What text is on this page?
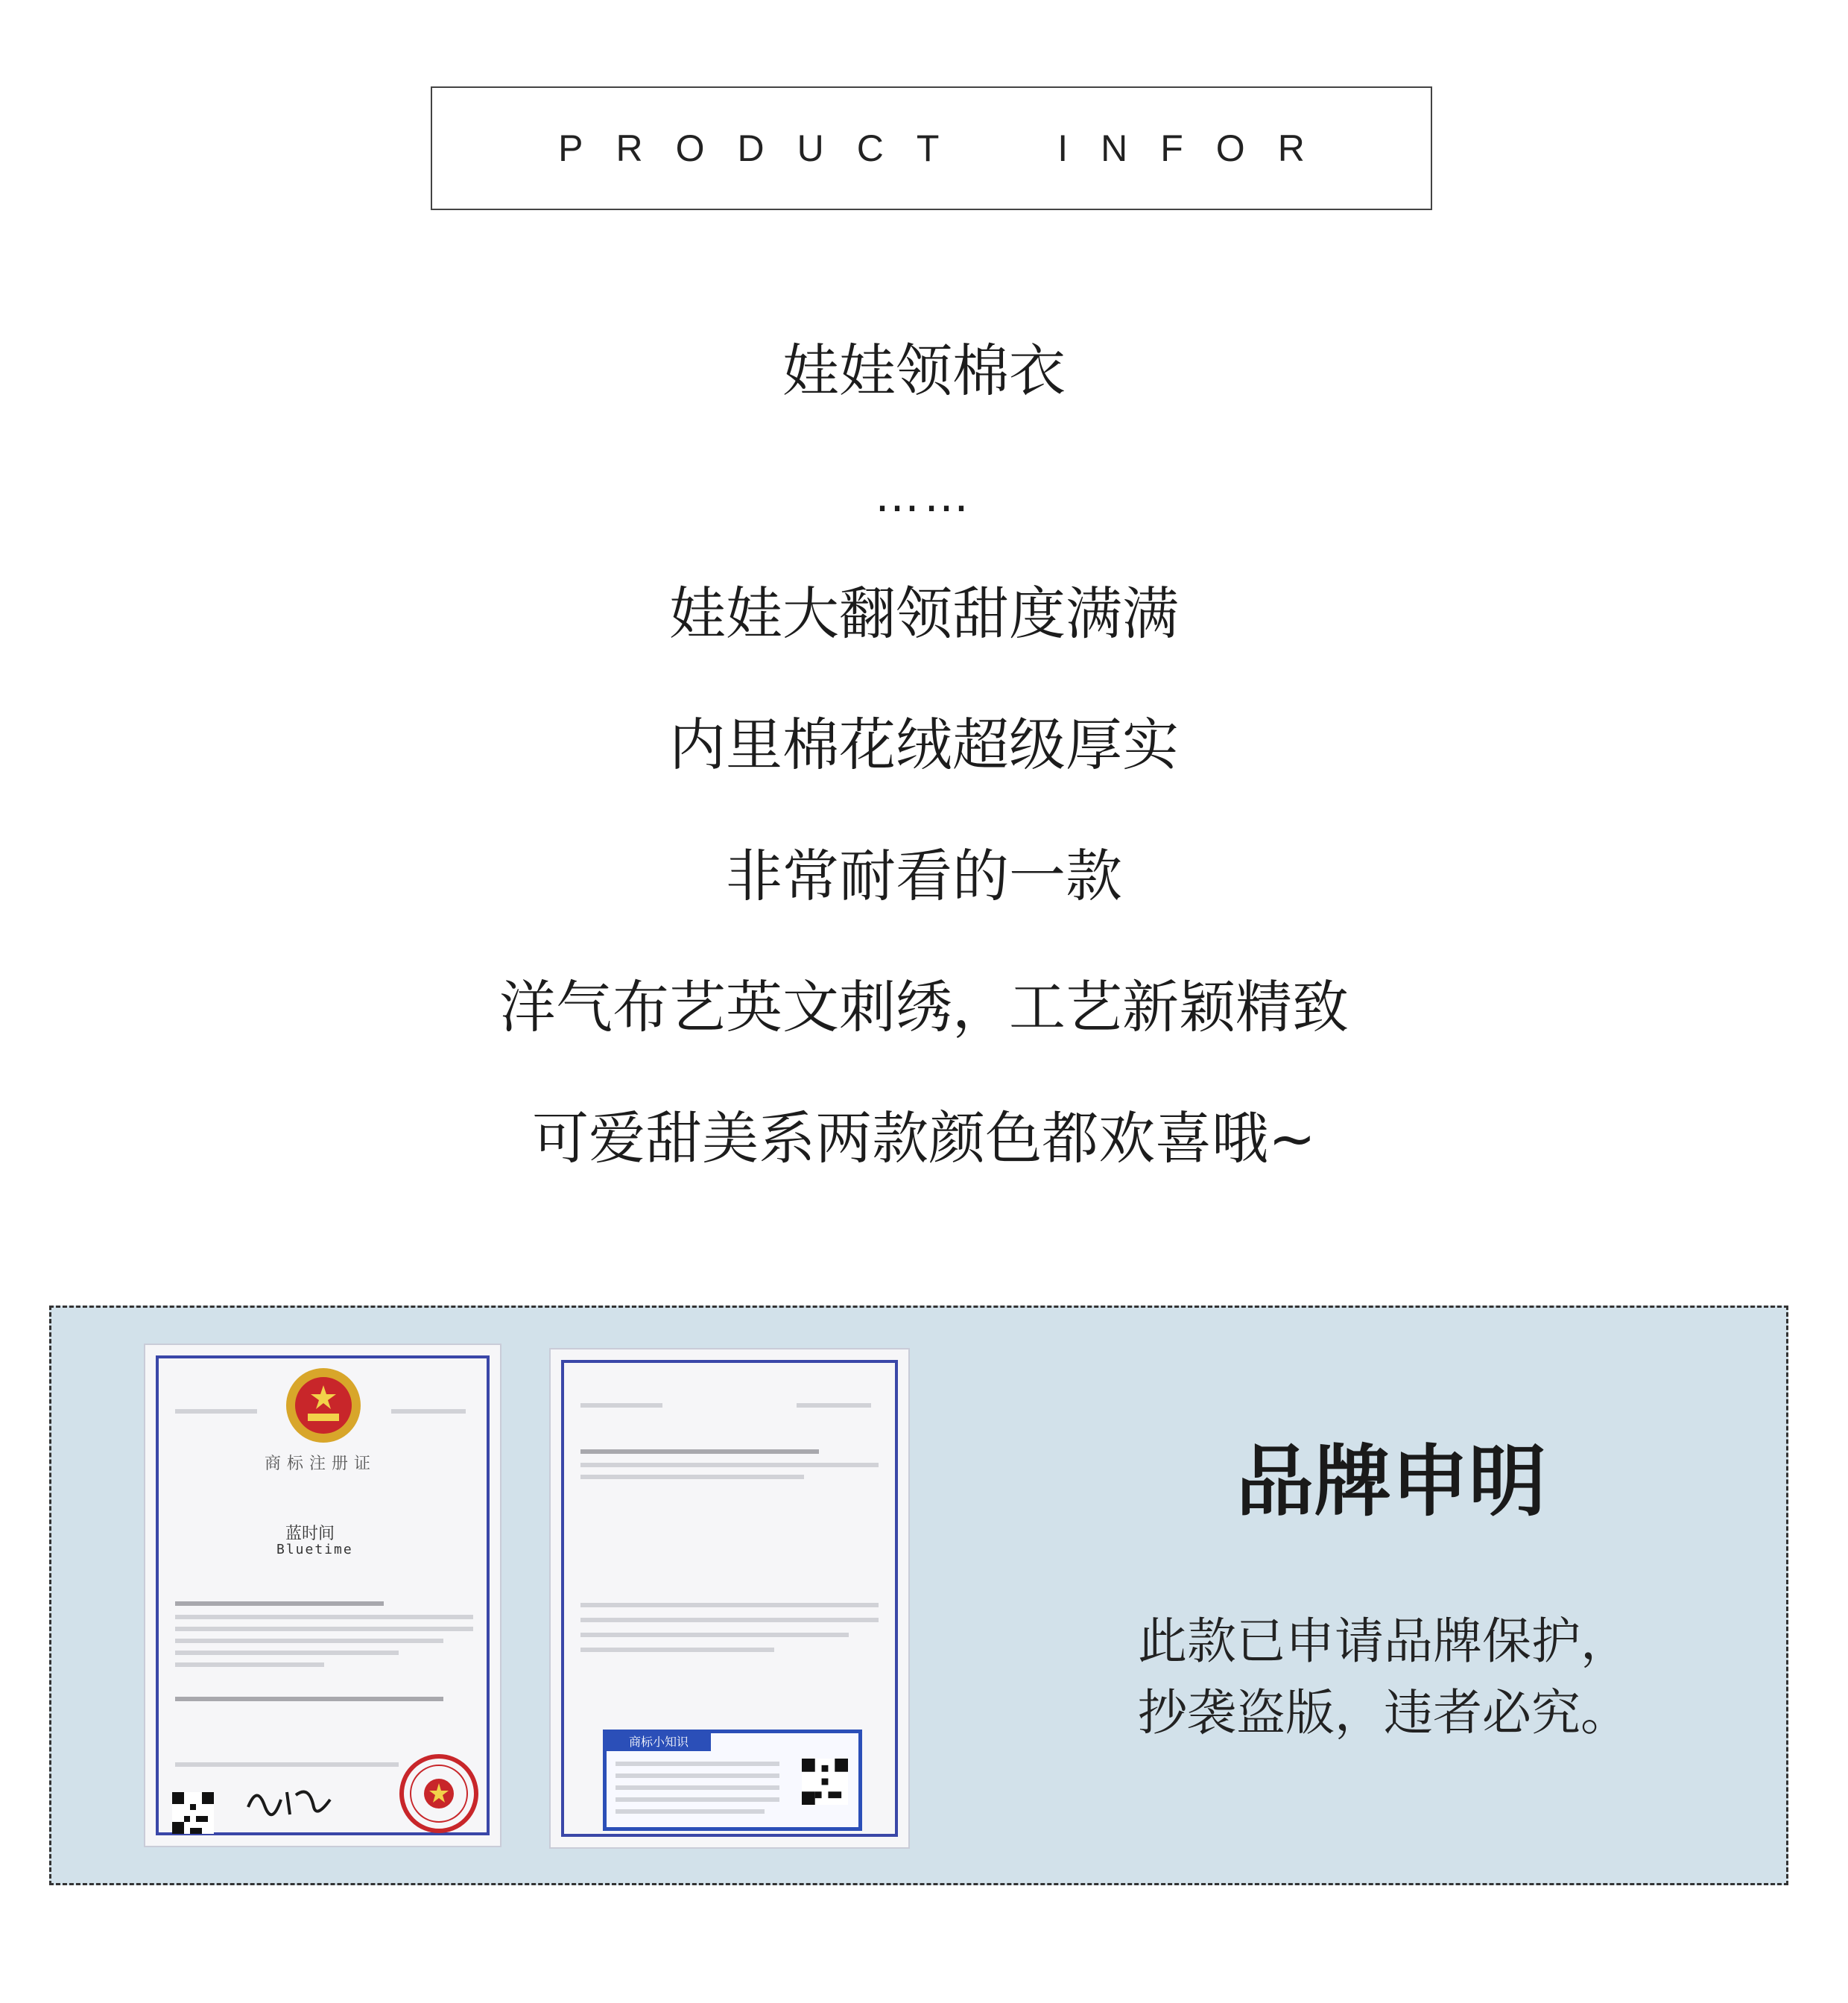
PRODUCT  INFOR
娃娃领棉衣
……
娃娃大翻领甜度满满
内里棉花绒超级厚实
非常耐看的一款
洋气布艺英文刺绣，工艺新颖精致
可爱甜美系两款颜色都欢喜哦~
商标注册证
蓝时间
Bluetime
商标小知识
品牌申明
此款已申请品牌保护，
抄袭盗版，违者必究。
